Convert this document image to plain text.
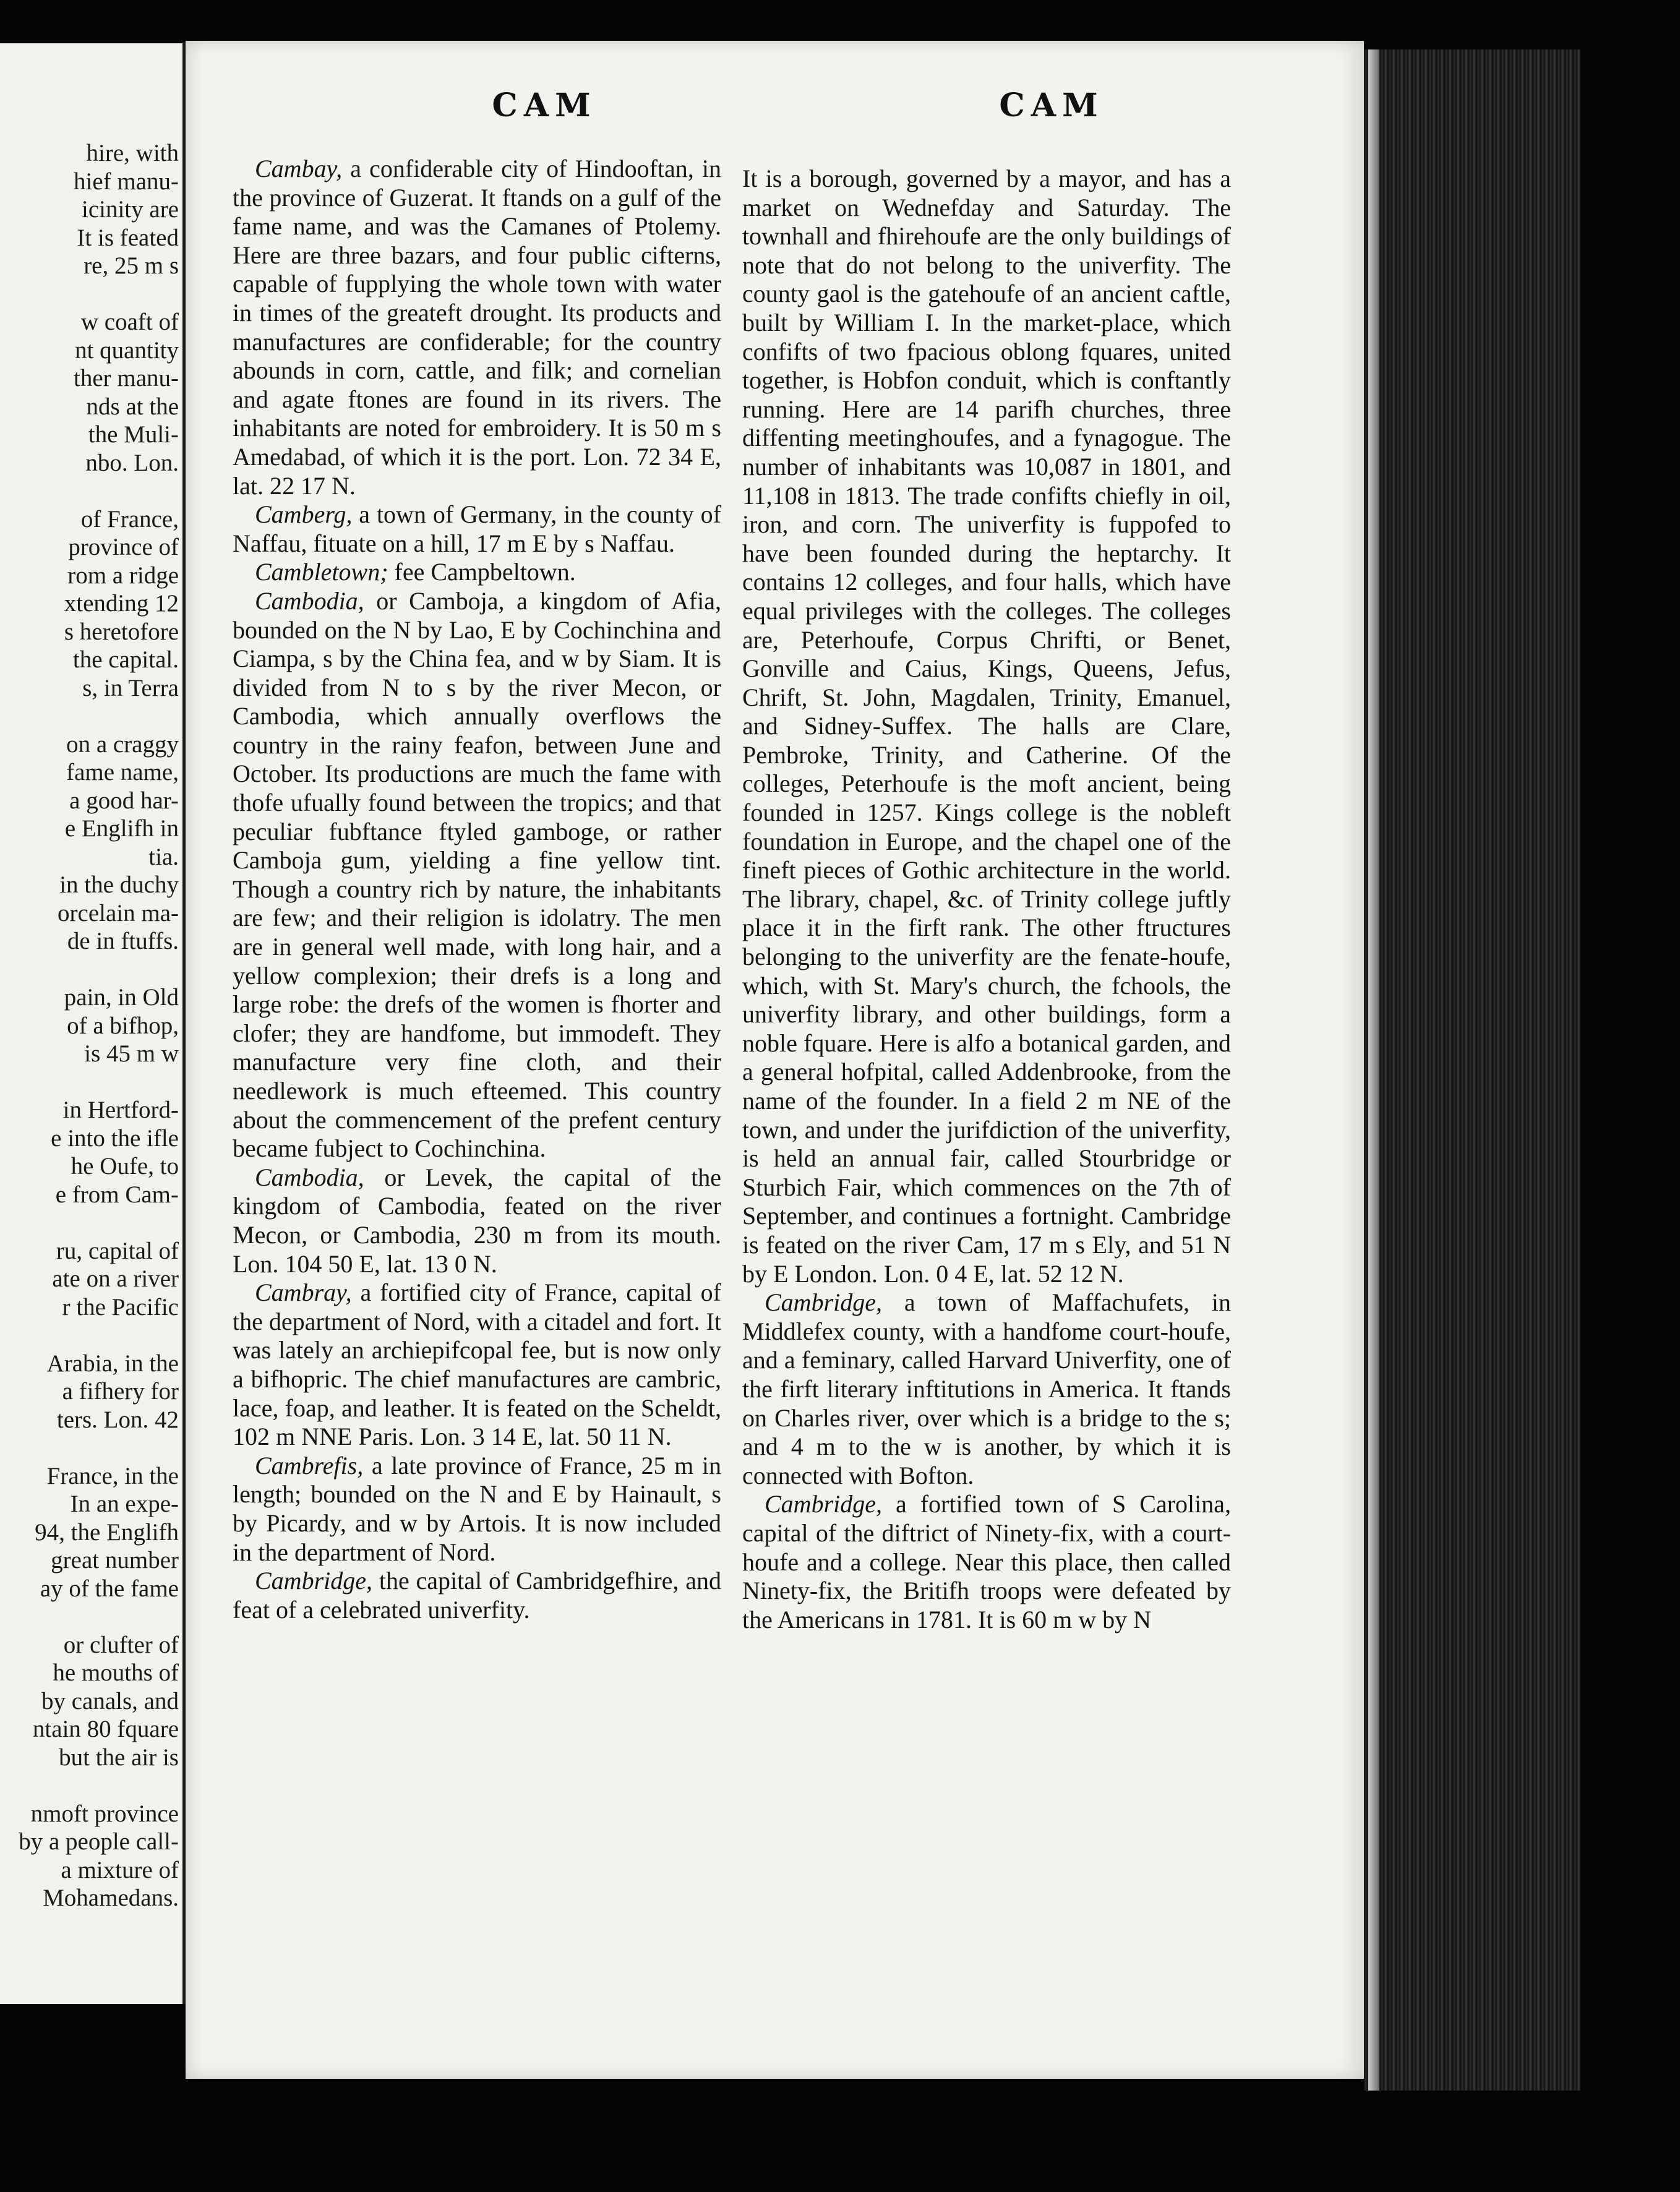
hire, with
hief manu-
icinity are
It is feated
re, 25 m s
w coaft of
nt quantity
ther manu-
nds at the
the Muli-
nbo. Lon.
of France,
province of
rom a ridge
xtending 12
s heretofore
the capital.
s, in Terra
on a craggy
fame name,
a good har-
e Englifh in
tia.
in the duchy
orcelain ma-
de in ftuffs.
pain, in Old
of a bifhop,
is 45 m w
in Hertford-
e into the ifle
he Oufe, to
e from Cam-
ru, capital of
ate on a river
r the Pacific
Arabia, in the
a fifhery for
ters. Lon. 42
France, in the
In an expe-
94, the Englifh
great number
ay of the fame
or clufter of
he mouths of
by canals, and
ntain 80 fquare
but the air is
nmoft province
by a people call-
a mixture of
Mohamedans.
CAM	CAM

Cambay, a confiderable city of Hindooftan, in the province of Guzerat. It ftands on a gulf of the fame name, and was the Camanes of Ptolemy. Here are three bazars, and four public cifterns, capable of fupplying the whole town with water in times of the greateft drought. Its products and manufactures are confiderable; for the country abounds in corn, cattle, and filk; and cornelian and agate ftones are found in its rivers. The inhabitants are noted for embroidery. It is 50 m s Amedabad, of which it is the port. Lon. 72 34 E, lat. 22 17 N.

Camberg, a town of Germany, in the county of Naffau, fituate on a hill, 17 m E by s Naffau.

Cambletown; fee Campbeltown.

Cambodia, or Camboja, a kingdom of Afia, bounded on the N by Lao, E by Cochinchina and Ciampa, s by the China fea, and w by Siam. It is divided from N to s by the river Mecon, or Cambodia, which annually overflows the country in the rainy feafon, between June and October. Its productions are much the fame with thofe ufually found between the tropics; and that peculiar fubftance ftyled gamboge, or rather Camboja gum, yielding a fine yellow tint. Though a country rich by nature, the inhabitants are few; and their religion is idolatry. The men are in general well made, with long hair, and a yellow complexion; their drefs is a long and large robe: the drefs of the women is fhorter and clofer; they are handfome, but immodeft. They manufacture very fine cloth, and their needlework is much efteemed. This country about the commencement of the prefent century became fubject to Cochinchina.

Cambodia, or Levek, the capital of the kingdom of Cambodia, feated on the river Mecon, or Cambodia, 230 m from its mouth. Lon. 104 50 E, lat. 13 0 N.

Cambray, a fortified city of France, capital of the department of Nord, with a citadel and fort. It was lately an archiepifcopal fee, but is now only a bifhopric. The chief manufactures are cambric, lace, foap, and leather. It is feated on the Scheldt, 102 m NNE Paris. Lon. 3 14 E, lat. 50 11 N.

Cambrefis, a late province of France, 25 m in length; bounded on the N and E by Hainault, s by Picardy, and w by Artois. It is now included in the department of Nord.

Cambridge, the capital of Cambridgefhire, and feat of a celebrated univerfity.

It is a borough, governed by a mayor, and has a market on Wednefday and Saturday. The townhall and fhirehoufe are the only buildings of note that do not belong to the univerfity. The county gaol is the gatehoufe of an ancient caftle, built by William I. In the market-place, which confifts of two fpacious oblong fquares, united together, is Hobfon conduit, which is conftantly running. Here are 14 parifh churches, three diffenting meetinghoufes, and a fynagogue. The number of inhabitants was 10,087 in 1801, and 11,108 in 1813. The trade confifts chiefly in oil, iron, and corn. The univerfity is fuppofed to have been founded during the heptarchy. It contains 12 colleges, and four halls, which have equal privileges with the colleges. The colleges are, Peterhoufe, Corpus Chrifti, or Benet, Gonville and Caius, Kings, Queens, Jefus, Chrift, St. John, Magdalen, Trinity, Emanuel, and Sidney-Suffex. The halls are Clare, Pembroke, Trinity, and Catherine. Of the colleges, Peterhoufe is the moft ancient, being founded in 1257. Kings college is the nobleft foundation in Europe, and the chapel one of the fineft pieces of Gothic architecture in the world. The library, chapel, &c. of Trinity college juftly place it in the firft rank. The other ftructures belonging to the univerfity are the fenate-houfe, which, with St. Mary's church, the fchools, the univerfity library, and other buildings, form a noble fquare. Here is alfo a botanical garden, and a general hofpital, called Addenbrooke, from the name of the founder. In a field 2 m NE of the town, and under the jurifdiction of the univerfity, is held an annual fair, called Stourbridge or Sturbich Fair, which commences on the 7th of September, and continues a fortnight. Cambridge is feated on the river Cam, 17 m s Ely, and 51 N by E London. Lon. 0 4 E, lat. 52 12 N.

Cambridge, a town of Maffachufets, in Middlefex county, with a handfome court-houfe, and a feminary, called Harvard Univerfity, one of the firft literary inftitutions in America. It ftands on Charles river, over which is a bridge to the s; and 4 m to the w is another, by which it is connected with Bofton.

Cambridge, a fortified town of S Carolina, capital of the diftrict of Ninety-fix, with a court-houfe and a college. Near this place, then called Ninety-fix, the Britifh troops were defeated by the Americans in 1781. It is 60 m w by N
